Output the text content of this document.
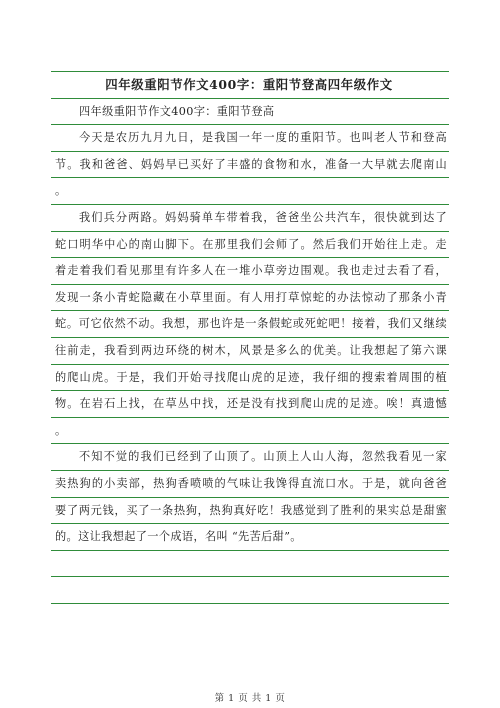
四年级重阳节作文400字：重阳节登高四年级作文
四年级重阳节作文400字：重阳节登高
今天是农历九月九日，是我国一年一度的重阳节。也叫老人节和登高
节。我和爸爸、妈妈早已买好了丰盛的食物和水，准备一大早就去爬南山
。
我们兵分两路。妈妈骑单车带着我，爸爸坐公共汽车，很快就到达了
蛇口明华中心的南山脚下。在那里我们会师了。然后我们开始往上走。走
着走着我们看见那里有许多人在一堆小草旁边围观。我也走过去看了看，
发现一条小青蛇隐藏在小草里面。有人用打草惊蛇的办法惊动了那条小青
蛇。可它依然不动。我想，那也许是一条假蛇或死蛇吧！接着，我们又继续
往前走，我看到两边环绕的树木，风景是多么的优美。让我想起了第六课
的爬山虎。于是，我们开始寻找爬山虎的足迹，我仔细的搜索着周围的植
物。在岩石上找，在草丛中找，还是没有找到爬山虎的足迹。唉！真遗憾
。
不知不觉的我们已经到了山顶了。山顶上人山人海，忽然我看见一家
卖热狗的小卖部，热狗香喷喷的气味让我馋得直流口水。于是，就向爸爸
要了两元钱，买了一条热狗，热狗真好吃！我感觉到了胜利的果实总是甜蜜
的。这让我想起了一个成语，名叫 “先苦后甜”。
第 1 页 共 1 页
